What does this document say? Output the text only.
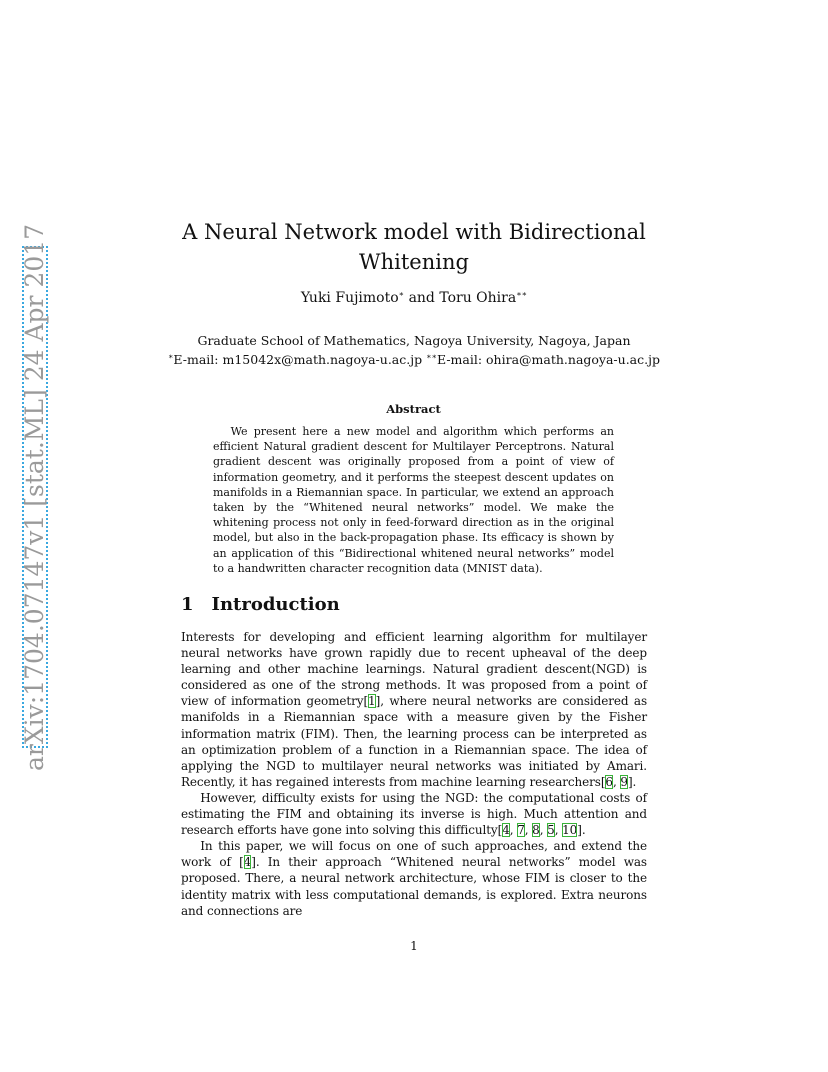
arXiv:1704.07147v1 [stat.ML] 24 Apr 2017	A Neural Network model with Bidirectional Whitening
Yuki Fujimoto∗ and Toru Ohira∗∗
Graduate School of Mathematics, Nagoya University, Nagoya, Japan
∗E-mail: m15042x@math.nagoya-u.ac.jp ∗∗E-mail: ohira@math.nagoya-u.ac.jp
Abstract

We present here a new model and algorithm which performs an efficient Natural gradient descent for Multilayer Perceptrons. Natural gradient descent was originally proposed from a point of view of information geometry, and it performs the steepest descent updates on manifolds in a Riemannian space. In particular, we extend an approach taken by the “Whitened neural networks” model. We make the whitening process not only in feed-forward direction as in the original model, but also in the back-propagation phase. Its efficacy is shown by an application of this “Bidirectional whitened neural networks” model to a handwritten character recognition data (MNIST data).

1 Introduction

Interests for developing and efficient learning algorithm for multilayer neural networks have grown rapidly due to recent upheaval of the deep learning and other machine learnings. Natural gradient descent(NGD) is considered as one of the strong methods. It was proposed from a point of view of information geometry[1], where neural networks are considered as manifolds in a Riemannian space with a measure given by the Fisher information matrix (FIM). Then, the learning process can be interpreted as an optimization problem of a function in a Riemannian space. The idea of applying the NGD to multilayer neural networks was initiated by Amari. Recently, it has regained interests from machine learning researchers[6, 9].

However, difficulty exists for using the NGD: the computational costs of estimating the FIM and obtaining its inverse is high. Much attention and research efforts have gone into solving this difficulty[4, 7, 8, 5, 10].

In this paper, we will focus on one of such approaches, and extend the work of [4]. In their approach “Whitened neural networks” model was proposed. There, a neural network architecture, whose FIM is closer to the identity matrix with less computational demands, is explored. Extra neurons and connections are

1
